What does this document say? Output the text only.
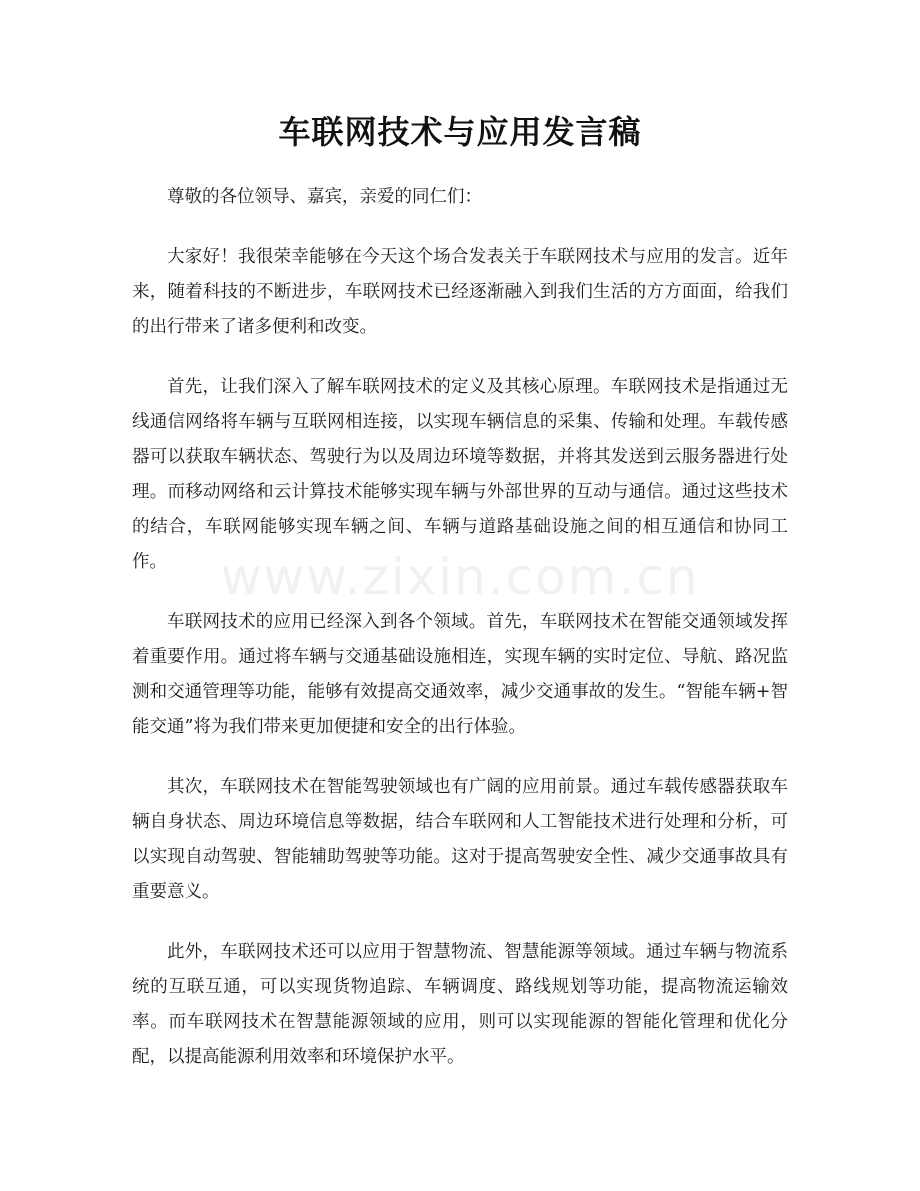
车联网技术与应用发言稿

尊敬的各位领导、嘉宾，亲爱的同仁们：

大家好！我很荣幸能够在今天这个场合发表关于车联网技术与应用的发言。近年来，随着科技的不断进步，车联网技术已经逐渐融入到我们生活的方方面面，给我们的出行带来了诸多便利和改变。

首先，让我们深入了解车联网技术的定义及其核心原理。车联网技术是指通过无线通信网络将车辆与互联网相连接，以实现车辆信息的采集、传输和处理。车载传感器可以获取车辆状态、驾驶行为以及周边环境等数据，并将其发送到云服务器进行处理。而移动网络和云计算技术能够实现车辆与外部世界的互动与通信。通过这些技术的结合，车联网能够实现车辆之间、车辆与道路基础设施之间的相互通信和协同工作。

车联网技术的应用已经深入到各个领域。首先，车联网技术在智能交通领域发挥着重要作用。通过将车辆与交通基础设施相连，实现车辆的实时定位、导航、路况监测和交通管理等功能，能够有效提高交通效率，减少交通事故的发生。“智能车辆+智能交通”将为我们带来更加便捷和安全的出行体验。

其次，车联网技术在智能驾驶领域也有广阔的应用前景。通过车载传感器获取车辆自身状态、周边环境信息等数据，结合车联网和人工智能技术进行处理和分析，可以实现自动驾驶、智能辅助驾驶等功能。这对于提高驾驶安全性、减少交通事故具有重要意义。

此外，车联网技术还可以应用于智慧物流、智慧能源等领域。通过车辆与物流系统的互联互通，可以实现货物追踪、车辆调度、路线规划等功能，提高物流运输效率。而车联网技术在智慧能源领域的应用，则可以实现能源的智能化管理和优化分配，以提高能源利用效率和环境保护水平。

www.zixin.com.cn
